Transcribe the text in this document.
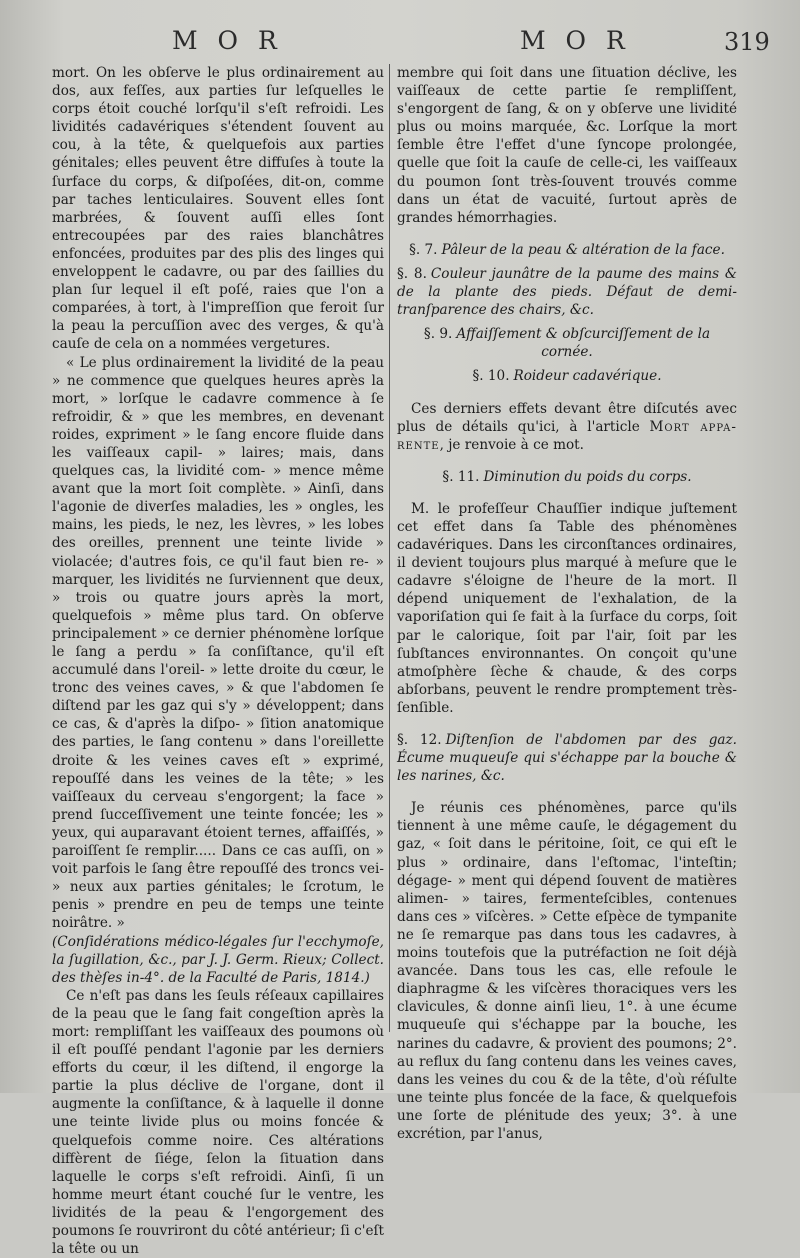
M O R	M O R	319

mort. On les obſerve le plus ordinairement au dos, aux feſſes, aux parties ſur leſquelles le corps étoit couché lorſqu'il s'eſt refroidi. Les lividités cadavériques s'étendent ſouvent au cou, à la tête, & quelquefois aux parties génitales; elles peuvent être diffuſes à toute la ſurface du corps, & diſpoſées, dit-on, comme par taches lenticulaires. Souvent elles ſont marbrées, & ſouvent auſſi elles ſont entrecoupées par des raies blanchâtres enfoncées, produites par des plis des linges qui enveloppent le cadavre, ou par des ſaillies du plan ſur lequel il eſt poſé, raies que l'on a comparées, à tort, à l'impreſſion que feroit ſur la peau la percuſſion avec des verges, & qu'à cauſe de cela on a nommées vergetures.

« Le plus ordinairement la lividité de la peau » ne commence que quelques heures après la mort, » lorſque le cadavre commence à ſe refroidir, & » que les membres, en devenant roides, expriment » le ſang encore fluide dans les vaiſſeaux capil- » laires; mais, dans quelques cas, la lividité com- » mence même avant que la mort ſoit complète. » Ainſi, dans l'agonie de diverſes maladies, les » ongles, les mains, les pieds, le nez, les lèvres, » les lobes des oreilles, prennent une teinte livide » violacée; d'autres fois, ce qu'il faut bien re- » marquer, les lividités ne ſurviennent que deux, » trois ou quatre jours après la mort, quelquefois » même plus tard. On obſerve principalement » ce dernier phénomène lorſque le ſang a perdu » ſa conſiſtance, qu'il eſt accumulé dans l'oreil- » lette droite du cœur, le tronc des veines caves, » & que l'abdomen ſe diſtend par les gaz qui s'y » développent; dans ce cas, & d'après la diſpo- » ſition anatomique des parties, le ſang contenu » dans l'oreillette droite & les veines caves eſt » exprimé, repouſſé dans les veines de la tête; » les vaiſſeaux du cerveau s'engorgent; la face » prend ſucceſſivement une teinte foncée; les » yeux, qui auparavant étoient ternes, affaiſſés, » paroiſſent ſe remplir..... Dans ce cas auſſi, on » voit parfois le ſang être repouſſé des troncs vei- » neux aux parties génitales; le ſcrotum, le penis » prendre en peu de temps une teinte noirâtre. »

(Conſidérations médico-légales ſur l'ecchymoſe, la ſugillation, &c., par J. J. Germ. Rieux; Collect. des thèſes in-4°. de la Faculté de Paris, 1814.)

Ce n'eſt pas dans les ſeuls réſeaux capillaires de la peau que le ſang fait congeſtion après la mort: rempliſſant les vaiſſeaux des poumons où il eſt pouſſé pendant l'agonie par les derniers efforts du cœur, il les diſtend, il engorge la partie la plus déclive de l'organe, dont il augmente la conſiſtance, & à laquelle il donne une teinte livide plus ou moins foncée & quelquefois comme noire. Ces altérations diffèrent de ſiége, ſelon la ſituation dans laquelle le corps s'eſt refroidi. Ainſi, ſi un homme meurt étant couché ſur le ventre, les lividités de la peau & l'engorgement des poumons ſe rouvriront du côté antérieur; ſi c'eſt la tête ou un

membre qui ſoit dans une ſituation déclive, les vaiſſeaux de cette partie ſe rempliſſent, s'engorgent de ſang, & on y obſerve une lividité plus ou moins marquée, &c. Lorſque la mort ſemble être l'effet d'une ſyncope prolongée, quelle que ſoit la cauſe de celle-ci, les vaiſſeaux du poumon ſont très-ſouvent trouvés comme dans un état de vacuité, ſurtout après de grandes hémorrhagies.

§. 7. Pâleur de la peau & altération de la face.

§. 8. Couleur jaunâtre de la paume des mains & de la plante des pieds. Défaut de demi-tranſparence des chairs, &c.

§. 9. Affaiſſement & obſcurciſſement de la cornée.

§. 10. Roideur cadavérique.

Ces derniers effets devant être diſcutés avec plus de détails qu'ici, à l'article Mort appa-rente, je renvoie à ce mot.

§. 11. Diminution du poids du corps.

M. le profeſſeur Chauſſier indique juſtement cet effet dans ſa Table des phénomènes cadavériques. Dans les circonſtances ordinaires, il devient toujours plus marqué à meſure que le cadavre s'éloigne de l'heure de la mort. Il dépend uniquement de l'exhalation, de la vaporiſation qui ſe fait à la ſurface du corps, ſoit par le calorique, ſoit par l'air, ſoit par les ſubſtances environnantes. On conçoit qu'une atmoſphère ſèche & chaude, & des corps abſorbans, peuvent le rendre promptement très-ſenſible.

§. 12. Diſtenſion de l'abdomen par des gaz. Écume muqueuſe qui s'échappe par la bouche & les narines, &c.

Je réunis ces phénomènes, parce qu'ils tiennent à une même cauſe, le dégagement du gaz, « ſoit dans le péritoine, ſoit, ce qui eſt le plus » ordinaire, dans l'eſtomac, l'inteſtin; dégage- » ment qui dépend ſouvent de matières alimen- » taires, fermenteſcibles, contenues dans ces » viſcères. » Cette eſpèce de tympanite ne ſe remarque pas dans tous les cadavres, à moins toutefois que la putréfaction ne ſoit déjà avancée. Dans tous les cas, elle refoule le diaphragme & les viſcères thoraciques vers les clavicules, & donne ainſi lieu, 1°. à une écume muqueuſe qui s'échappe par la bouche, les narines du cadavre, & provient des poumons; 2°. au reflux du ſang contenu dans les veines caves, dans les veines du cou & de la tête, d'où réſulte une teinte plus foncée de la face, & quelquefois une ſorte de plénitude des yeux; 3°. à une excrétion, par l'anus,
